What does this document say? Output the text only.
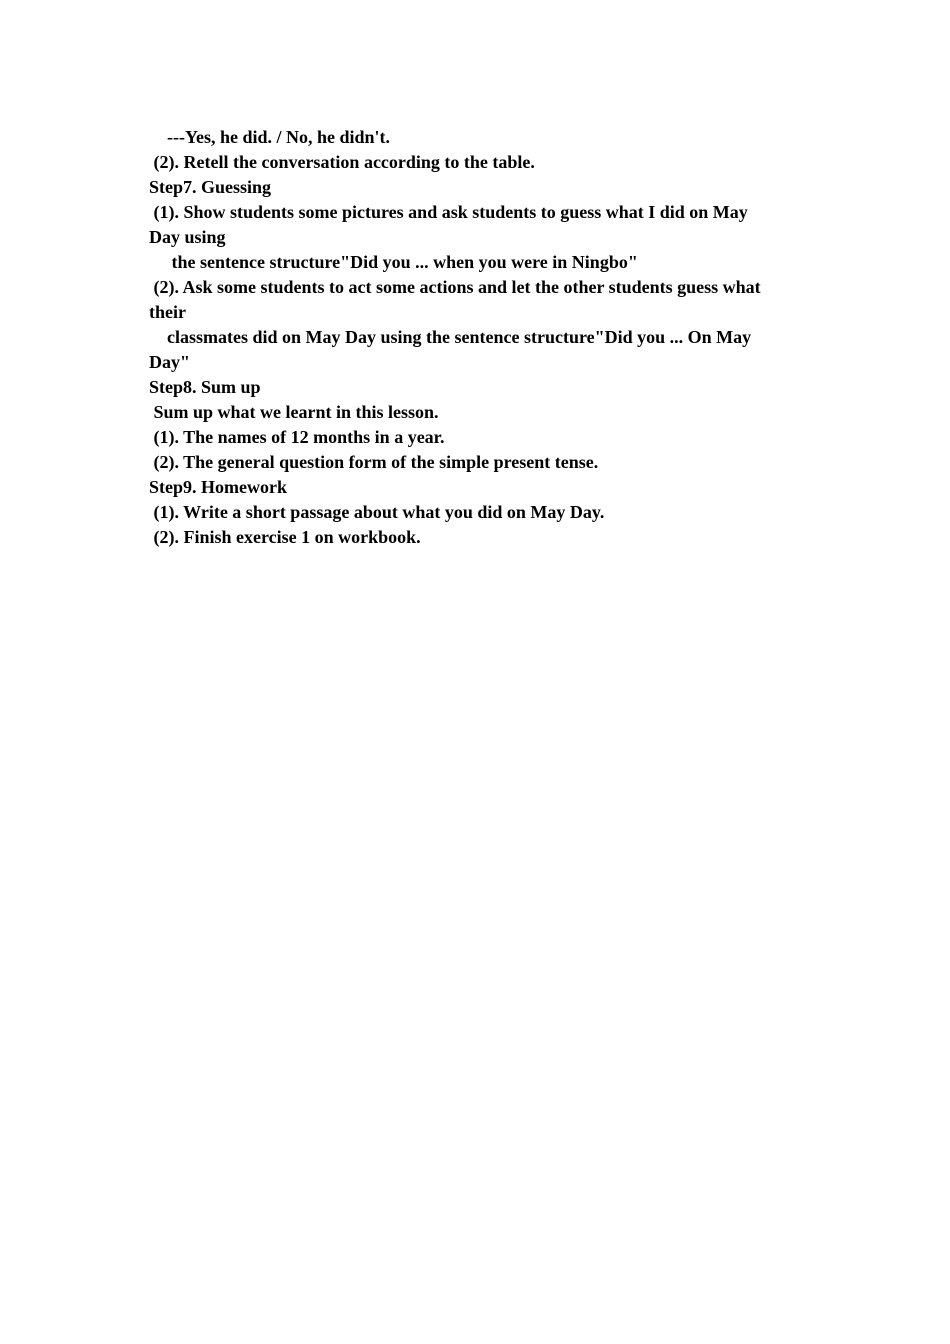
---Yes, he did. / No, he didn't.
(2). Retell the conversation according to the table.
Step7. Guessing
(1). Show students some pictures and ask students to guess what I did on May
Day using
the sentence structure"Did you ... when you were in Ningbo"
(2). Ask some students to act some actions and let the other students guess what
their
classmates did on May Day using the sentence structure"Did you ... On May
Day"
Step8. Sum up
Sum up what we learnt in this lesson.
(1). The names of 12 months in a year.
(2). The general question form of the simple present tense.
Step9. Homework
(1). Write a short passage about what you did on May Day.
(2). Finish exercise 1 on workbook.
